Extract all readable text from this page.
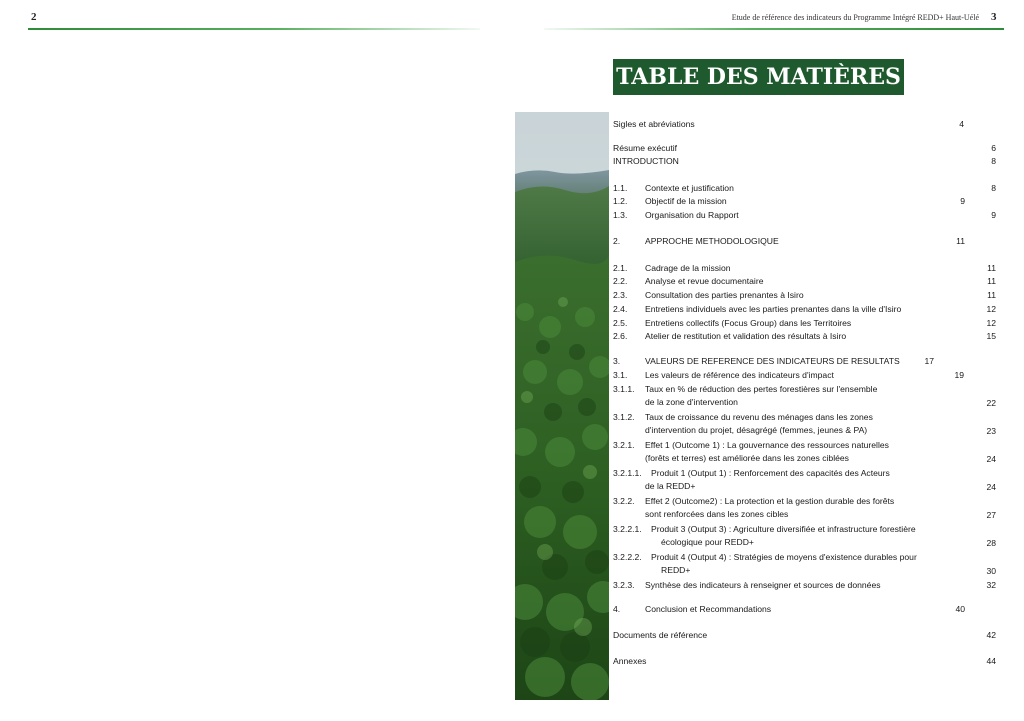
2	Etude de référence des indicateurs du Programme Intégré REDD+ Haut-Uélé 3
TABLE DES MATIÈRES
Sigles et abréviations	4
Résume exécutif	6
INTRODUCTION	8
1.1. Contexte et justification	8
1.2. Objectif de la mission	9
1.3. Organisation du Rapport	9
2.	APPROCHE METHODOLOGIQUE	11
2.1. Cadrage de la mission	11
2.2. Analyse et revue documentaire	11
2.3. Consultation des parties prenantes à Isiro	11
2.4. Entretiens individuels avec les parties prenantes dans la ville d'Isiro	12
2.5. Entretiens collectifs (Focus Group) dans les Territoires	12
2.6. Atelier de restitution et validation des résultats à Isiro	15
3.	VALEURS DE REFERENCE DES INDICATEURS DE RESULTATS	17
3.1. Les valeurs de référence des indicateurs d'impact	19
3.1.1. Taux en % de réduction des pertes forestières sur l'ensemble
de la zone d'intervention	22
3.1.2. Taux de croissance du revenu des ménages dans les zones
d'intervention du projet, désagrégé (femmes, jeunes & PA)	23
3.2.1. Effet 1 (Outcome 1) : La gouvernance des ressources naturelles
(forêts et terres) est améliorée dans les zones ciblées	24
3.2.1.1. Produit 1 (Output 1) : Renforcement des capacités des Acteurs
de la REDD+	24
3.2.2. Effet 2 (Outcome2) : La protection et la gestion durable des forêts
sont renforcées dans les zones cibles	27
3.2.2.1. Produit 3 (Output 3) : Agriculture diversifiée et infrastructure forestière
écologique pour REDD+	28
3.2.2.2. Produit 4 (Output 4) : Stratégies de moyens d'existence durables pour
REDD+	30
3.2.3. Synthèse des indicateurs à renseigner et sources de données	32
4.	Conclusion et Recommandations	40
Documents de référence	42
Annexes	44
